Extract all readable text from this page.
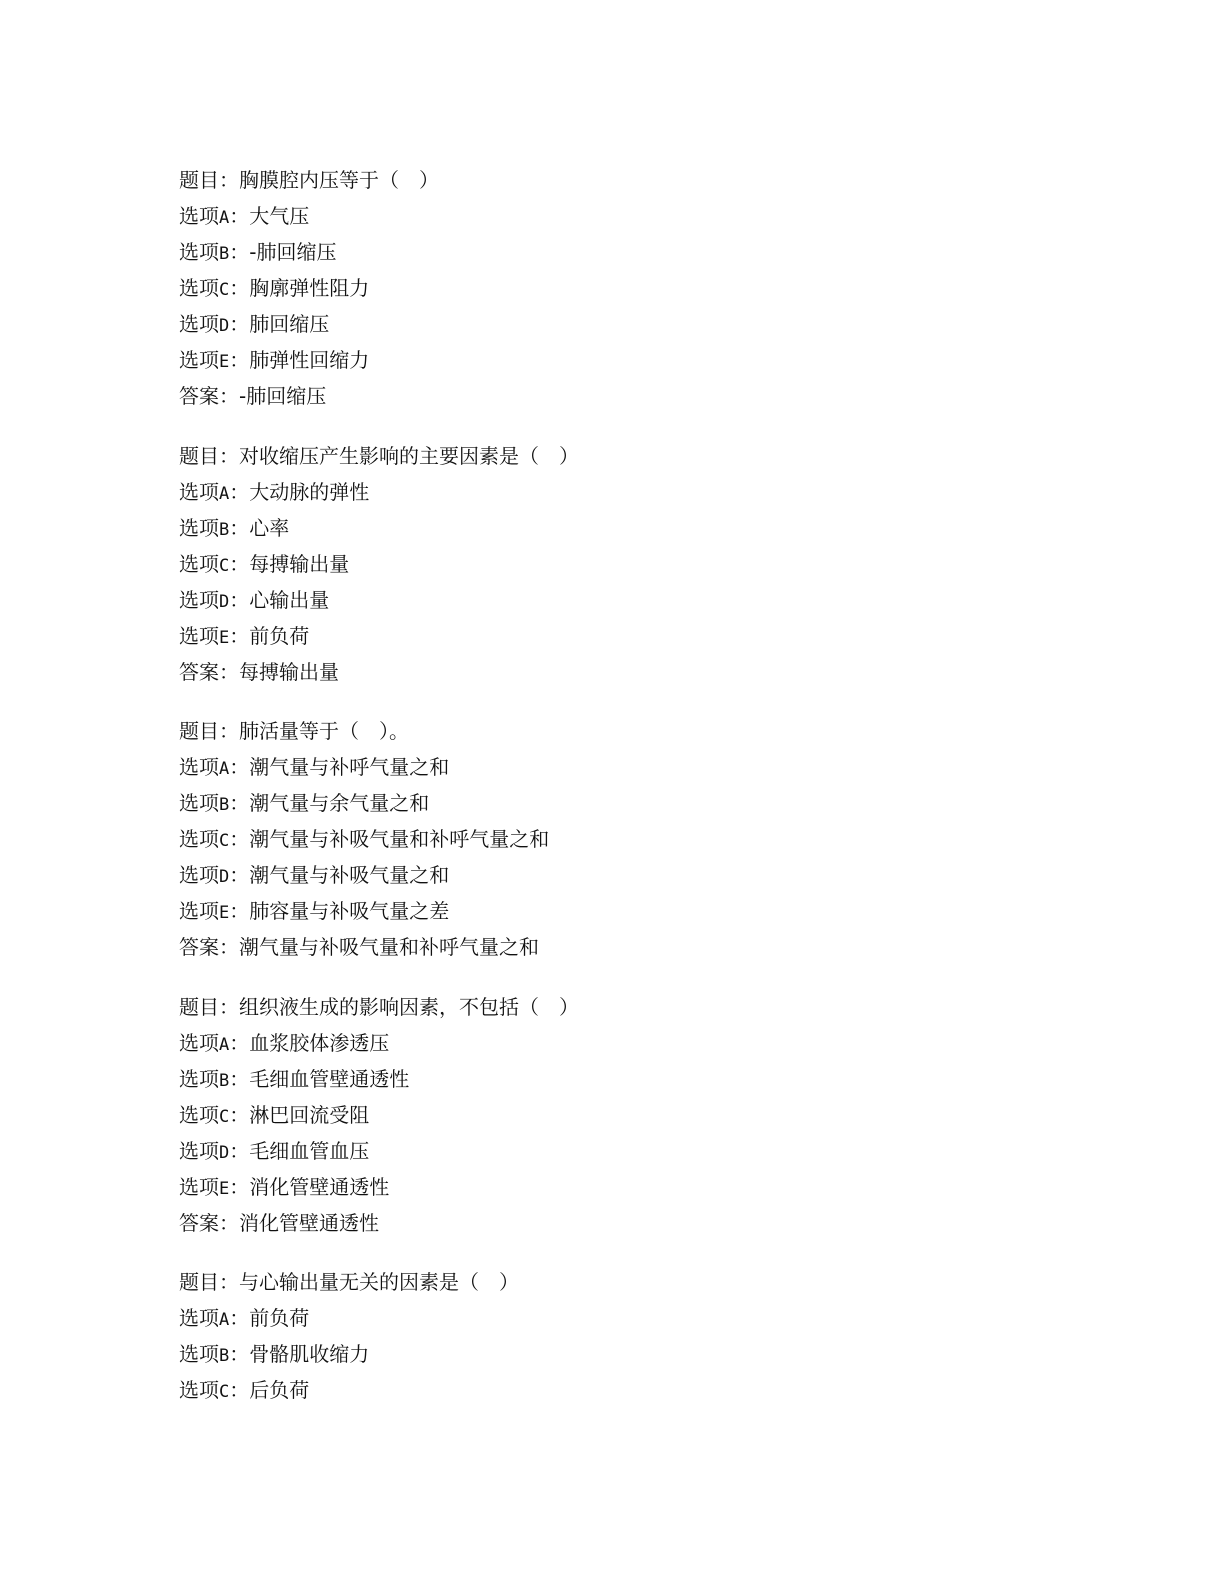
题目：胸膜腔内压等于（　）
选项A：大气压
选项B：-肺回缩压
选项C：胸廓弹性阻力
选项D：肺回缩压
选项E：肺弹性回缩力
答案：-肺回缩压
题目：对收缩压产生影响的主要因素是（　）
选项A：大动脉的弹性
选项B：心率
选项C：每搏输出量
选项D：心输出量
选项E：前负荷
答案：每搏输出量
题目：肺活量等于（　）。
选项A：潮气量与补呼气量之和
选项B：潮气量与余气量之和
选项C：潮气量与补吸气量和补呼气量之和
选项D：潮气量与补吸气量之和
选项E：肺容量与补吸气量之差
答案：潮气量与补吸气量和补呼气量之和
题目：组织液生成的影响因素，不包括（　）
选项A：血浆胶体渗透压
选项B：毛细血管壁通透性
选项C：淋巴回流受阻
选项D：毛细血管血压
选项E：消化管壁通透性
答案：消化管壁通透性
题目：与心输出量无关的因素是（　）
选项A：前负荷
选项B：骨骼肌收缩力
选项C：后负荷
